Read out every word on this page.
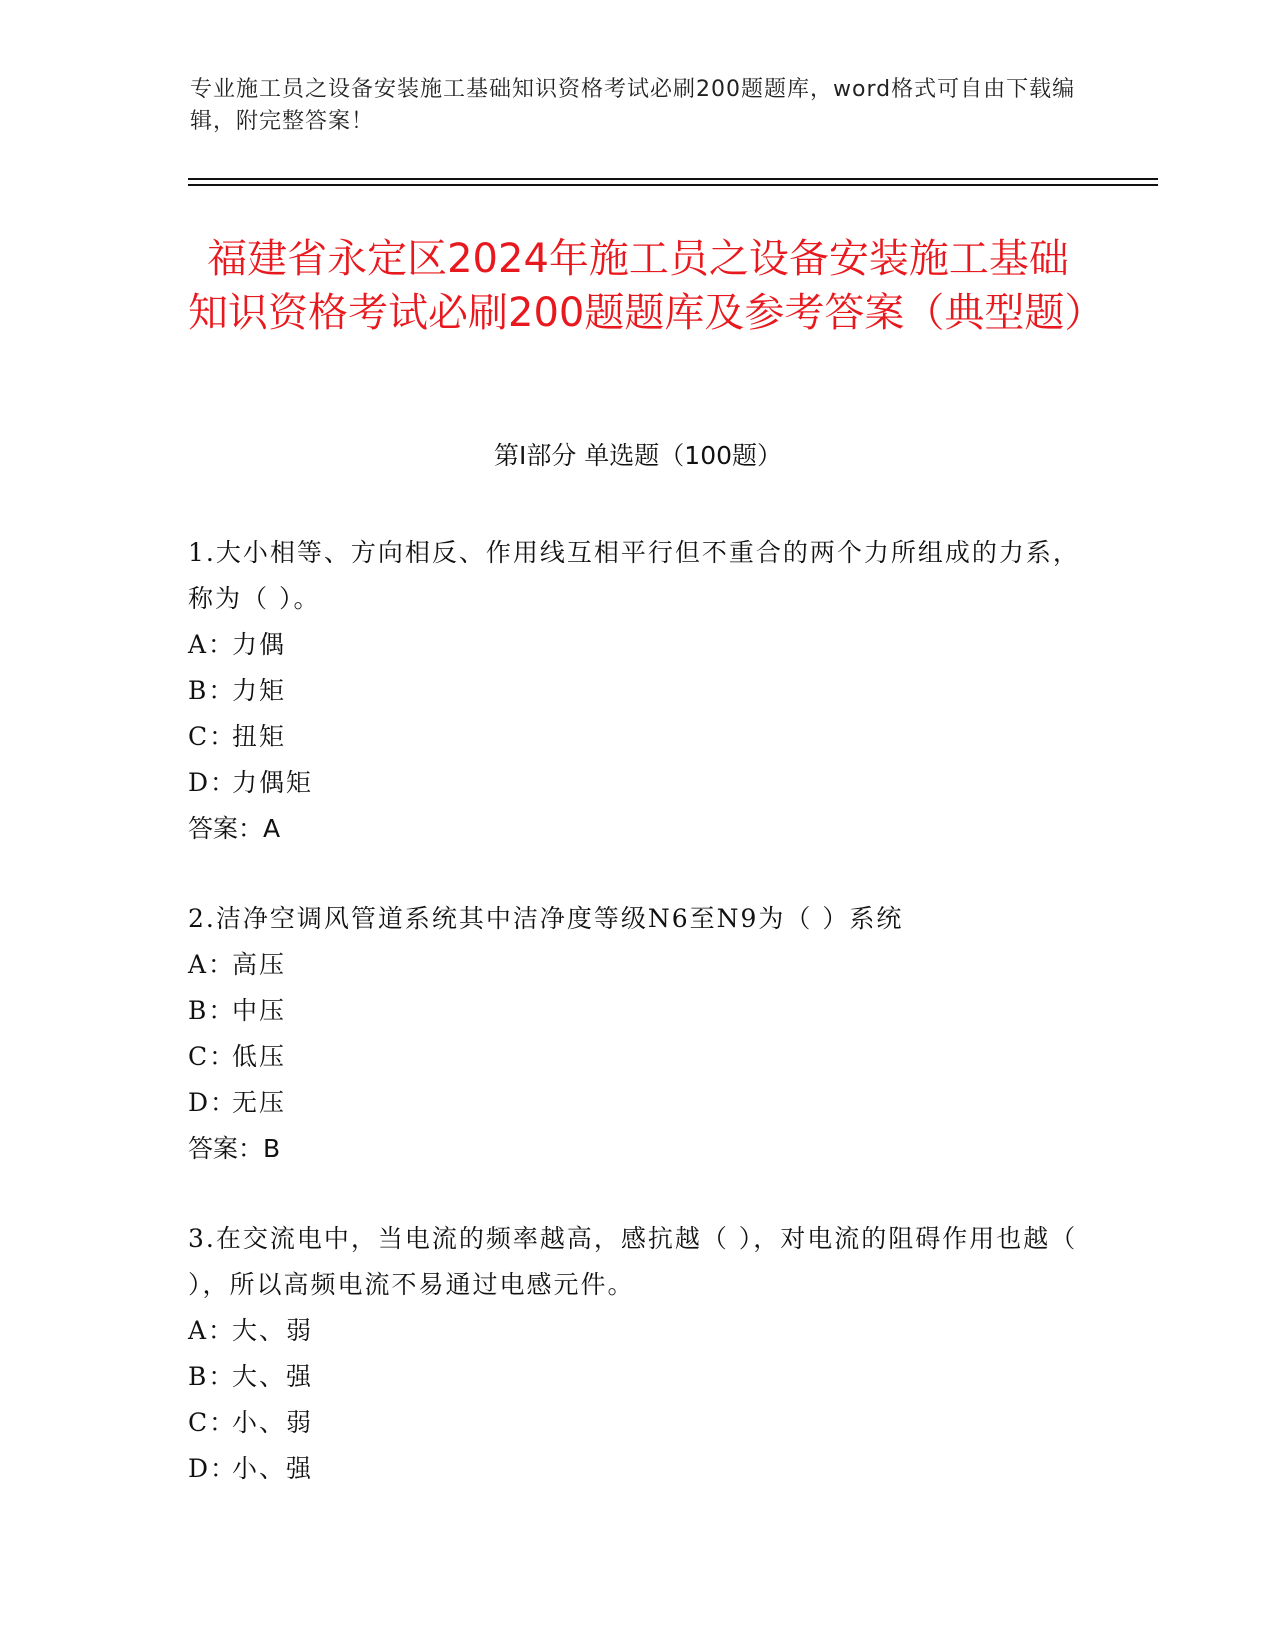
专业施工员之设备安装施工基础知识资格考试必刷200题题库，word格式可自由下载编辑，附完整答案！
福建省永定区2024年施工员之设备安装施工基础知识资格考试必刷200题题库及参考答案（典型题）
第Ⅰ部分 单选题（100题）

1.大小相等、方向相反、作用线互相平行但不重合的两个力所组成的力系，称为（ ）。

A：
力偶
B：
力矩
C：
扭矩
D：
力偶矩
答案：A

2.洁净空调风管道系统其中洁净度等级N6至N9为（ ）系统

A：
高压
B：
中压
C：
低压
D：
无压
答案：B

3.在交流电中，当电流的频率越高，感抗越（ ），对电流的阻碍作用也越（ ），所以高频电流不易通过电感元件。

A：
大、弱
B：
大、强
C：
小、弱
D：
小、强
